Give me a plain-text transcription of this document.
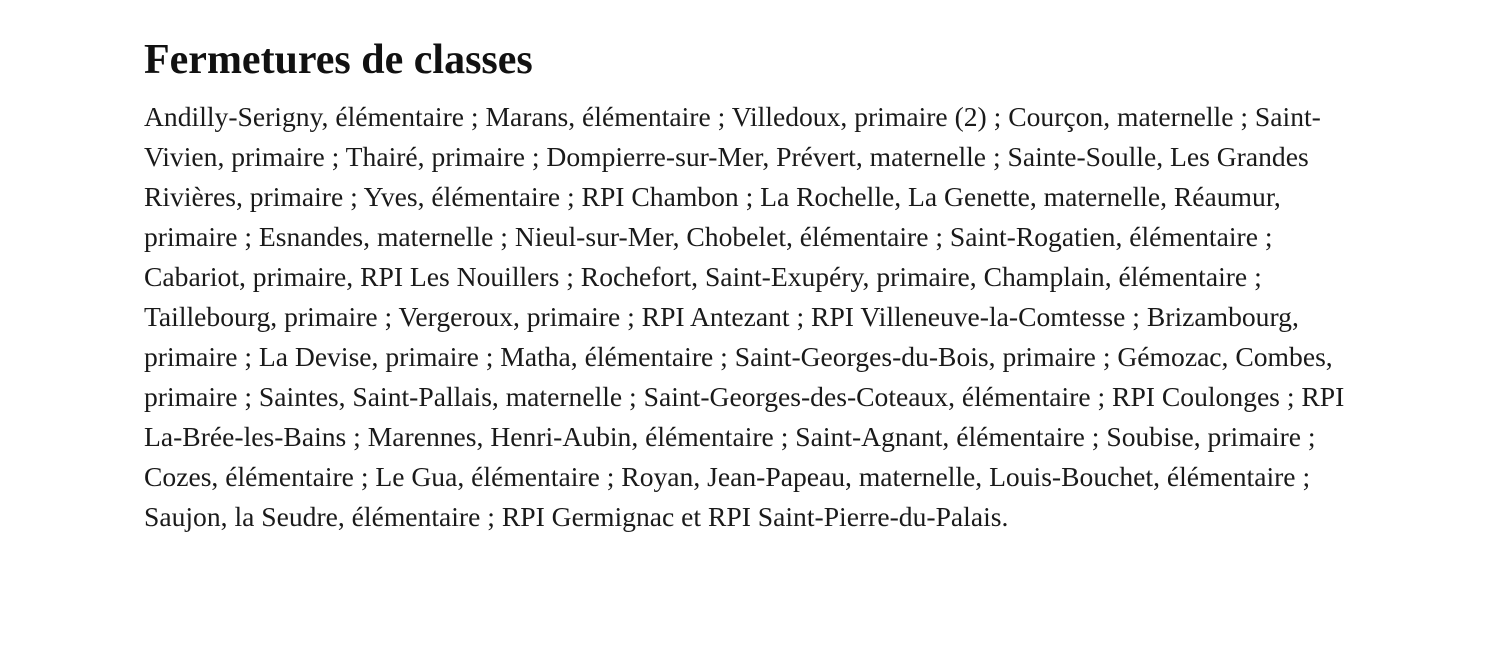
Fermetures de classes

Andilly-Serigny, élémentaire ; Marans, élémentaire ; Villedoux, primaire (2) ; Courçon, maternelle ; Saint-Vivien, primaire ; Thairé, primaire ; Dompierre-sur-Mer, Prévert, maternelle ; Sainte-Soulle, Les Grandes Rivières, primaire ; Yves, élémentaire ; RPI Chambon ; La Rochelle, La Genette, maternelle, Réaumur, primaire ; Esnandes, maternelle ; Nieul-sur-Mer, Chobelet, élémentaire ; Saint-Rogatien, élémentaire ; Cabariot, primaire, RPI Les Nouillers ; Rochefort, Saint-Exupéry, primaire, Champlain, élémentaire ; Taillebourg, primaire ; Vergeroux, primaire ; RPI Antezant ; RPI Villeneuve-la-Comtesse ; Brizambourg, primaire ; La Devise, primaire ; Matha, élémentaire ; Saint-Georges-du-Bois, primaire ; Gémozac, Combes, primaire ; Saintes, Saint-Pallais, maternelle ; Saint-Georges-des-Coteaux, élémentaire ; RPI Coulonges ; RPI La-Brée-les-Bains ; Marennes, Henri-Aubin, élémentaire ; Saint-Agnant, élémentaire ; Soubise, primaire ; Cozes, élémentaire ; Le Gua, élémentaire ; Royan, Jean-Papeau, maternelle, Louis-Bouchet, élémentaire ; Saujon, la Seudre, élémentaire ; RPI Germignac et RPI Saint-Pierre-du-Palais.
